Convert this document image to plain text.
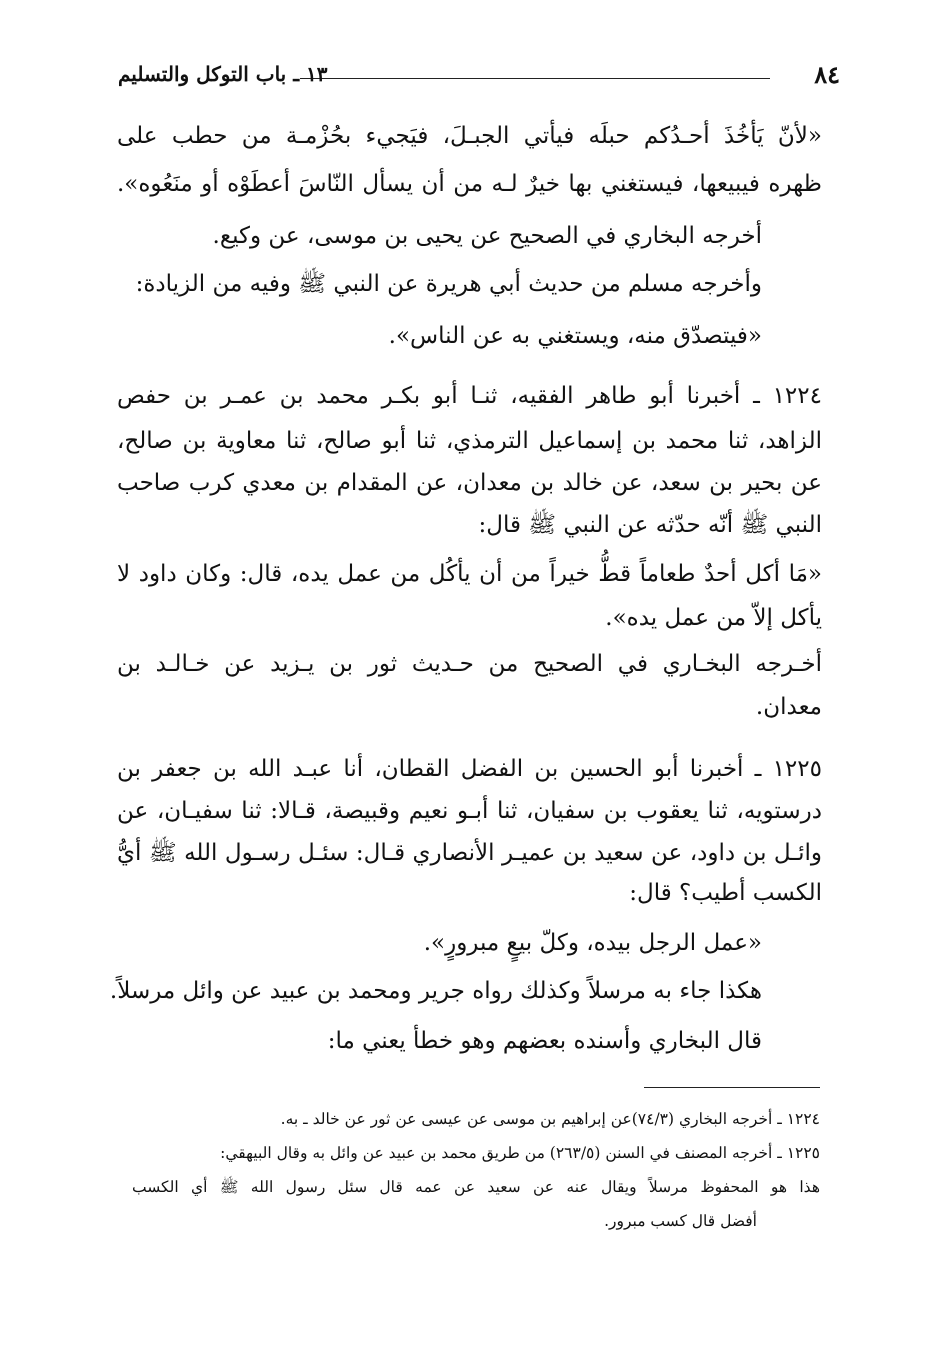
٨٤
١٣ ـ باب التوكل والتسليم
«لأنّ يَأخُذَ أحـدُكم حبلَه فيأتي الجبـلَ، فيَجيء بحُزْمـة من حطب على
ظهره فيبيعها، فيستغني بها خيرٌ لـه من أن يسأل النّاسَ أعطَوْه أو منَعُوه».
أخرجه البخاري في الصحيح عن يحيى بن موسى، عن وكيع.
وأخرجه مسلم من حديث أبي هريرة عن النبي ﷺ وفيه من الزيادة:
«فيتصدّق منه، ويستغني به عن الناس».
١٢٢٤ ـ أخبرنا أبو طاهر الفقيه، ثنـا أبو بكـر محمد بن عمـر بن حفص
الزاهد، ثنا محمد بن إسماعيل الترمذي، ثنا أبو صالح، ثنا معاوية بن صالح،
عن بحير بن سعد، عن خالد بن معدان، عن المقدام بن معدي كرب صاحب
النبي ﷺ أنّه حدّثه عن النبي ﷺ قال:
«مَا أكل أحدٌ طعاماً قطُّ خيراً من أن يأكُل من عمل يده، قال: وكان داود لا
يأكل إلاّ من عمل يده».
أخـرجه البخـاري في الصحيح من حـديث ثور بن يـزيد عن خـالـد بن
معدان.
١٢٢٥ ـ أخبرنا أبو الحسين بن الفضل القطان، أنا عبـد الله بن جعفر بن
درستويه، ثنا يعقوب بن سفيان، ثنا أبـو نعيم وقبيصة، قـالا: ثنا سفيـان، عن
وائـل بن داود، عن سعيد بن عميـر الأنصاري قـال: سئـل رسـول الله ﷺ أيُّ
الكسب أطيب؟ قال:
«عمل الرجل بيده، وكلّ بيعٍ مبرورٍ».
هكذا جاء به مرسلاً وكذلك رواه جرير ومحمد بن عبيد عن وائل مرسلاً.
قال البخاري وأسنده بعضهم وهو خطأ يعني ما:
١٢٢٤ ـ أخرجه البخاري (٧٤/٣)عن إبراهيم بن موسى عن عيسى عن ثور عن خالد ـ به.
١٢٢٥ ـ أخرجه المصنف في السنن (٢٦٣/٥) من طريق محمد بن عبيد عن وائل به وقال البيهقي:
هذا هو المحفوظ مرسلاً ويقال عنه عن سعيد عن عمه قال سئل رسول الله ﷺ أي الكسب
أفضل قال كسب مبرور.
